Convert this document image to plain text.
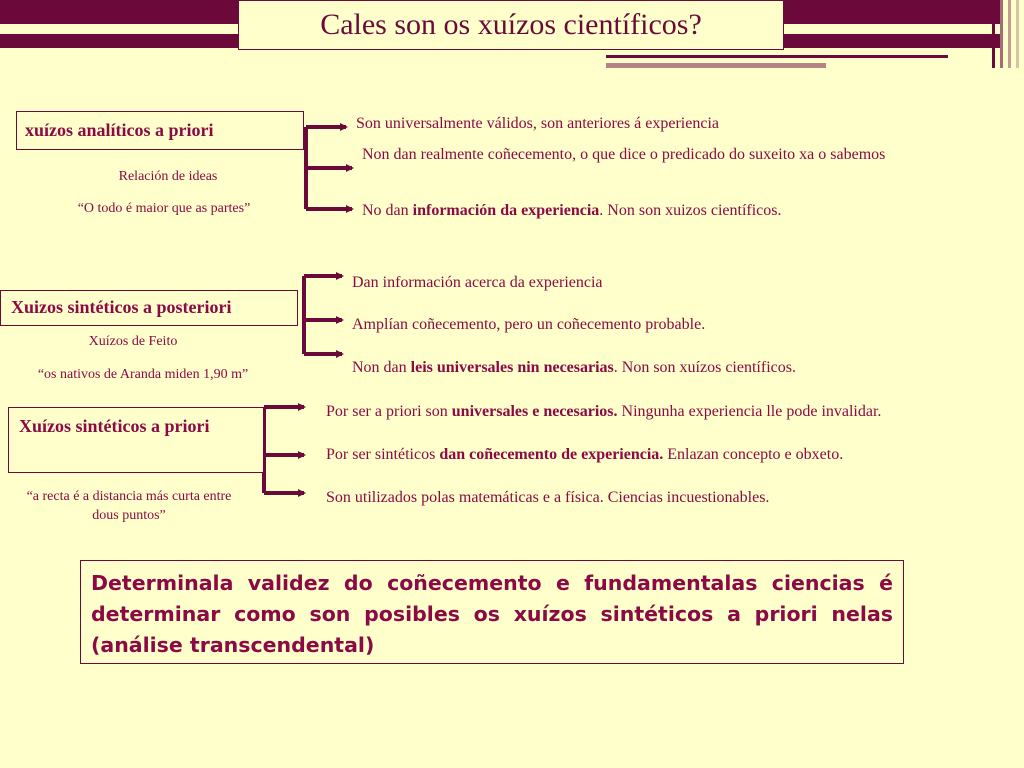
Cales son os xuízos científicos?
xuízos analíticos a priori
Relación de ideas
“O todo é maior que as partes”
Son universalmente válidos, son anteriores á experiencia
Non dan realmente coñecemento, o que dice o predicado do suxeito xa o sabemos
No dan información da experiencia. Non son xuizos científicos.
Xuizos sintéticos a posteriori
Xuízos de Feito
“os nativos de Aranda miden 1,90 m”
Dan información acerca da experiencia
Amplían coñecemento, pero un coñecemento probable.
Non dan leis universales nin necesarias. Non son xuízos científicos.
Xuízos sintéticos a priori
“a recta é a distancia más curta entre dous puntos”
Por ser a priori son universales e necesarios. Ningunha experiencia lle pode invalidar.
Por ser sintéticos dan coñecemento de experiencia. Enlazan concepto e obxeto.
Son utilizados polas matemáticas e a física. Ciencias incuestionables.
Determinala validez do coñecemento e fundamentalas ciencias é determinar como son posibles os xuízos sintéticos a priori nelas (análise transcendental)
